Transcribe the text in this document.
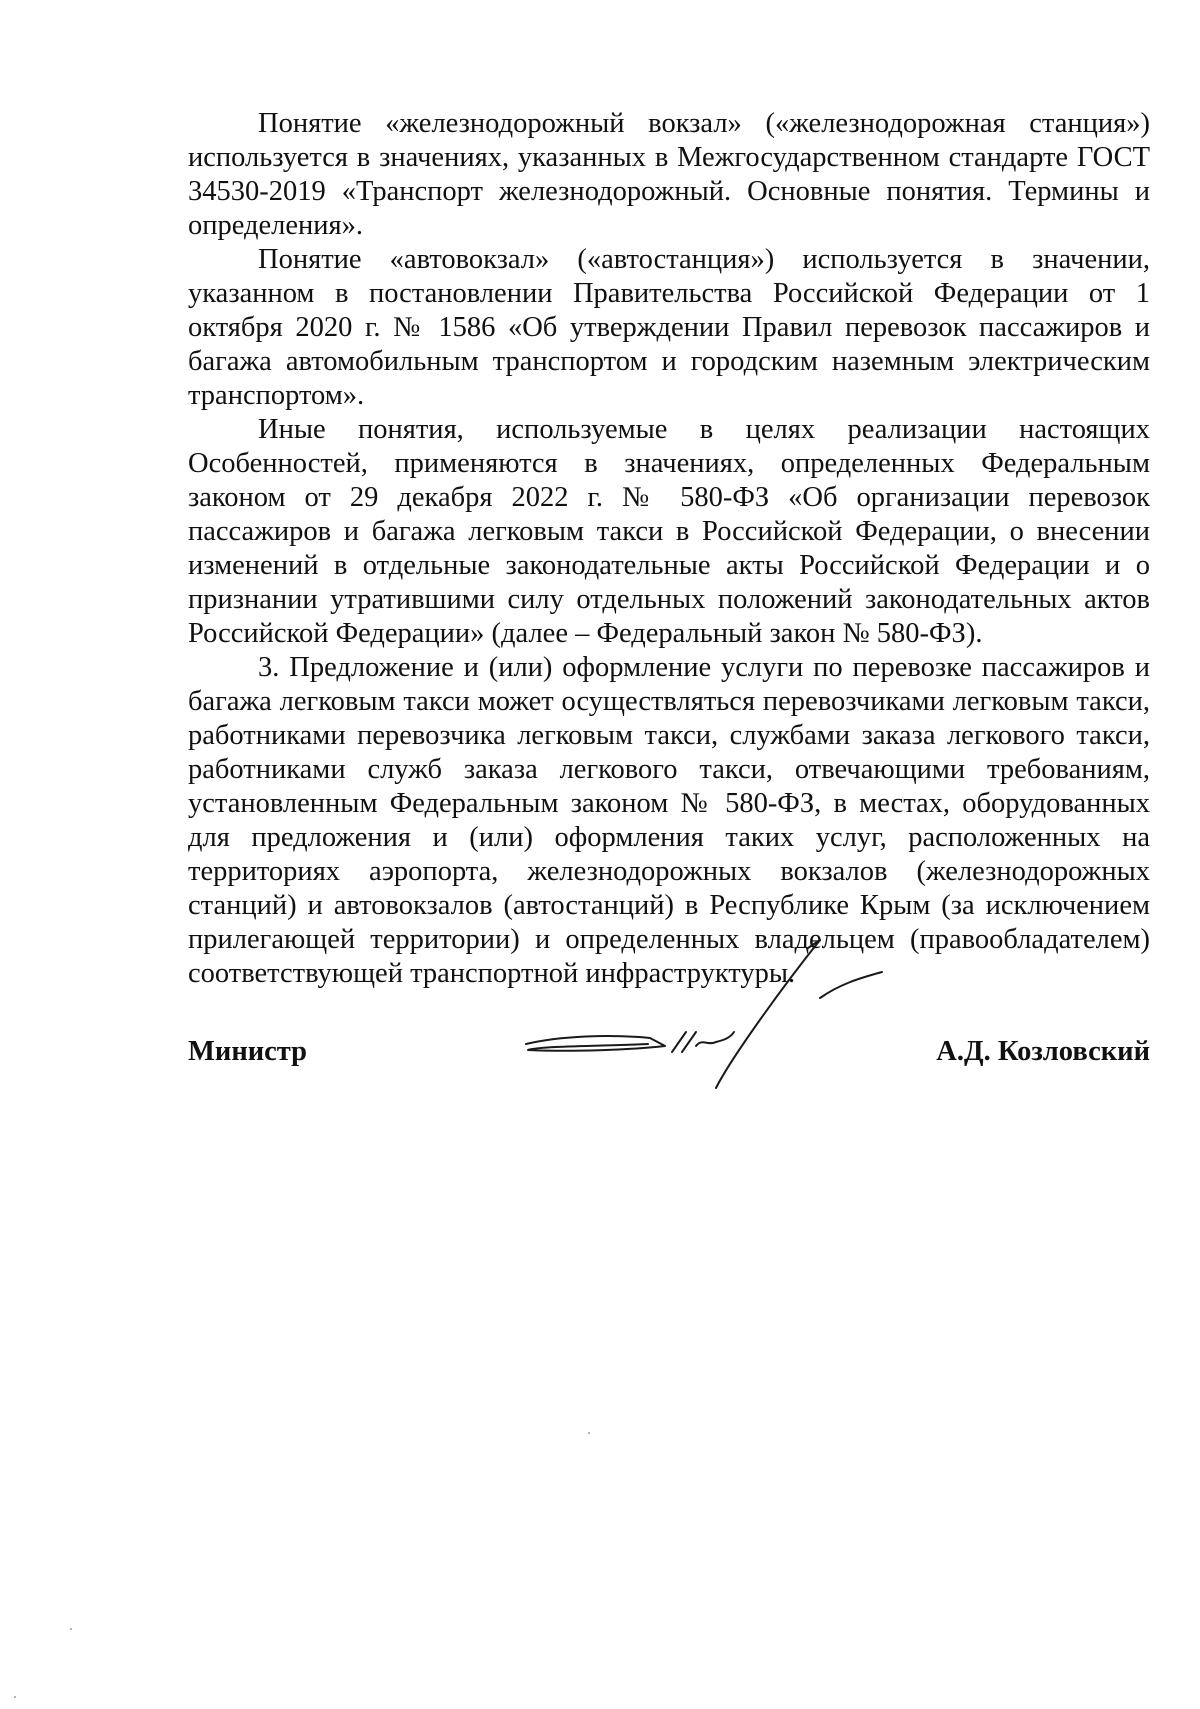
Понятие «железнодорожный вокзал» («железнодорожная станция») используется в значениях, указанных в Межгосударственном стандарте ГОСТ 34530-2019 «Транспорт железнодорожный. Основные понятия. Термины и определения».

Понятие «автовокзал» («автостанция») используется в значении, указанном в постановлении Правительства Российской Федерации от 1 октября 2020 г. № 1586 «Об утверждении Правил перевозок пассажиров и багажа автомобильным транспортом и городским наземным электрическим транспортом».

Иные понятия, используемые в целях реализации настоящих Особенностей, применяются в значениях, определенных Федеральным законом от 29 декабря 2022 г. № 580-ФЗ «Об организации перевозок пассажиров и багажа легковым такси в Российской Федерации, о внесении изменений в отдельные законодательные акты Российской Федерации и о признании утратившими силу отдельных положений законодательных актов Российской Федерации» (далее – Федеральный закон № 580-ФЗ).

3. Предложение и (или) оформление услуги по перевозке пассажиров и багажа легковым такси может осуществляться перевозчиками легковым такси, работниками перевозчика легковым такси, службами заказа легкового такси, работниками служб заказа легкового такси, отвечающими требованиям, установленным Федеральным законом № 580-ФЗ, в местах, оборудованных для предложения и (или) оформления таких услуг, расположенных на территориях аэропорта, железнодорожных вокзалов (железнодорожных станций) и автовокзалов (автостанций) в Республике Крым (за исключением прилегающей территории) и определенных владельцем (правообладателем) соответствующей транспортной инфраструктуры.

Министр	А.Д. Козловский
